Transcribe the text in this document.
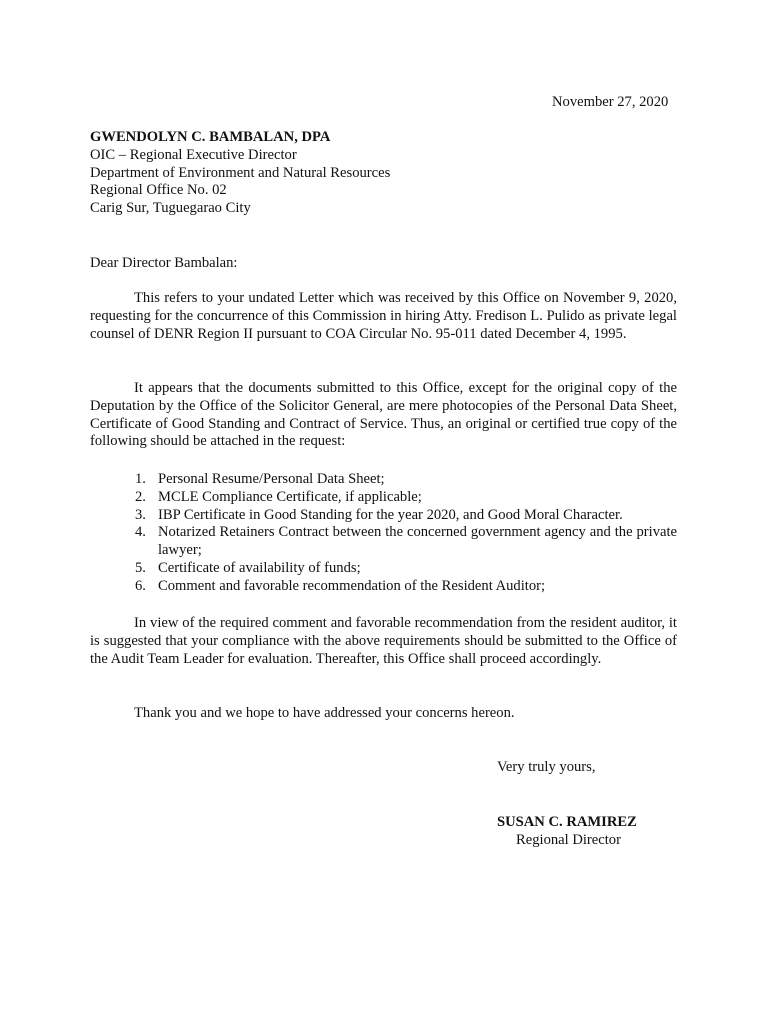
November 27, 2020
GWENDOLYN C. BAMBALAN, DPA
OIC – Regional Executive Director
Department of Environment and Natural Resources
Regional Office No. 02
Carig Sur, Tuguegarao City
Dear Director Bambalan:
This refers to your undated Letter which was received by this Office on November 9, 2020, requesting for the concurrence of this Commission in hiring Atty. Fredison L. Pulido as private legal counsel of DENR Region II pursuant to COA Circular No. 95-011 dated December 4, 1995.
It appears that the documents submitted to this Office, except for the original copy of the Deputation by the Office of the Solicitor General, are mere photocopies of the Personal Data Sheet, Certificate of Good Standing and Contract of Service. Thus, an original or certified true copy of the following should be attached in the request:
1. Personal Resume/Personal Data Sheet;
2. MCLE Compliance Certificate, if applicable;
3. IBP Certificate in Good Standing for the year 2020, and Good Moral Character.
4. Notarized Retainers Contract between the concerned government agency and the private lawyer;
5. Certificate of availability of funds;
6. Comment and favorable recommendation of the Resident Auditor;
In view of the required comment and favorable recommendation from the resident auditor, it is suggested that your compliance with the above requirements should be submitted to the Office of the Audit Team Leader for evaluation. Thereafter, this Office shall proceed accordingly.
Thank you and we hope to have addressed your concerns hereon.
Very truly yours,
SUSAN C. RAMIREZ
Regional Director
